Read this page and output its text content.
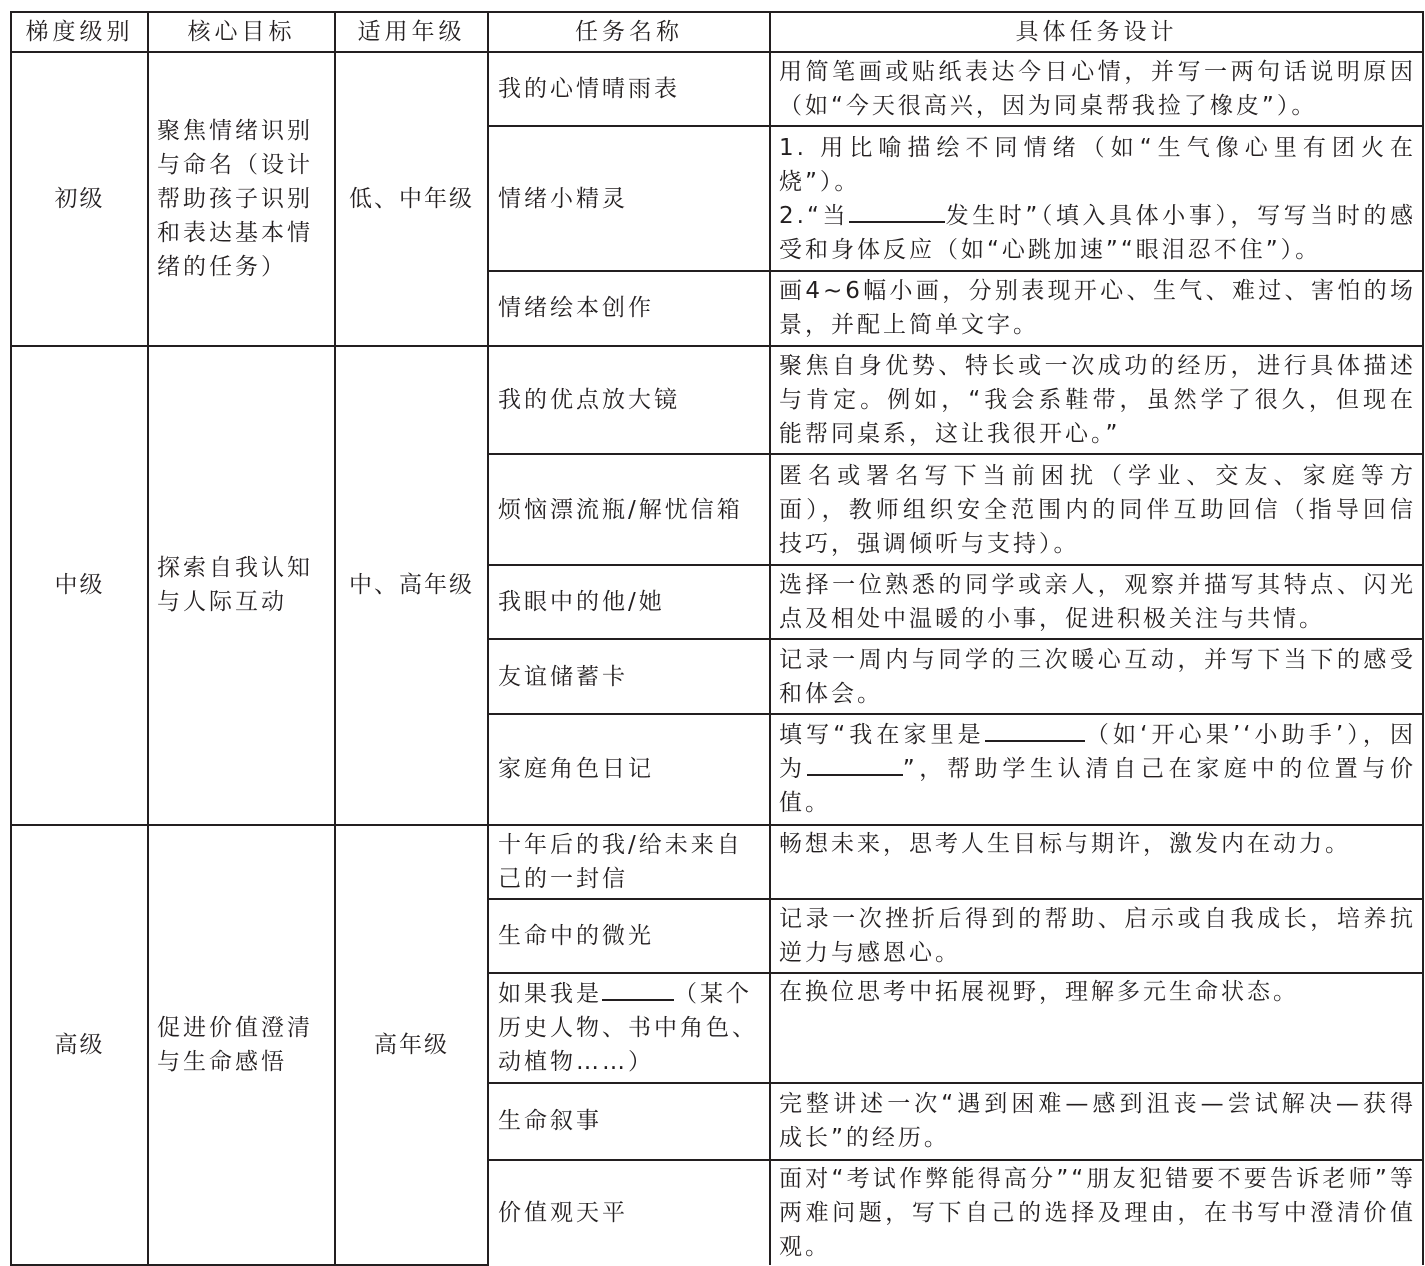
梯度级别	核心目标	适用年级	任务名称	具体任务设计
初级	聚焦情绪识别与命名（设计帮助孩子识别和表达基本情绪的任务）	低、中年级	我的心情晴雨表	用简笔画或贴纸表达今日心情，并写一两句话说明原因（如“今天很高兴，因为同桌帮我捡了橡皮”）。
			情绪小精灵	1. 用比喻描绘不同情绪（如“生气像心里有团火在烧”）。
2.“当 发生时”（填入具体小事），写写当时的感受和身体反应（如“心跳加速”“眼泪忍不住”）。
			情绪绘本创作	画4~6幅小画，分别表现开心、生气、难过、害怕的场景，并配上简单文字。
中级	探索自我认知与人际互动	中、高年级	我的优点放大镜	聚焦自身优势、特长或一次成功的经历，进行具体描述与肯定。例如，“我会系鞋带，虽然学了很久，但现在能帮同桌系，这让我很开心。”
			烦恼漂流瓶/解忧信箱	匿名或署名写下当前困扰（学业、交友、家庭等方面），教师组织安全范围内的同伴互助回信（指导回信技巧，强调倾听与支持）。
			我眼中的他/她	选择一位熟悉的同学或亲人，观察并描写其特点、闪光点及相处中温暖的小事，促进积极关注与共情。
			友谊储蓄卡	记录一周内与同学的三次暖心互动，并写下当下的感受和体会。
			家庭角色日记	填写“我在家里是 （如‘开心果’‘小助手’），因为 ”，帮助学生认清自己在家庭中的位置与价值。
高级	促进价值澄清与生命感悟	高年级	十年后的我/给未来自己的一封信	畅想未来，思考人生目标与期许，激发内在动力。
			生命中的微光	记录一次挫折后得到的帮助、启示或自我成长，培养抗逆力与感恩心。
			如果我是 （某个历史人物、书中角色、动植物……）	在换位思考中拓展视野，理解多元生命状态。
			生命叙事	完整讲述一次“遇到困难—感到沮丧—尝试解决—获得成长”的经历。
			价值观天平	面对“考试作弊能得高分”“朋友犯错要不要告诉老师”等两难问题，写下自己的选择及理由，在书写中澄清价值观。
